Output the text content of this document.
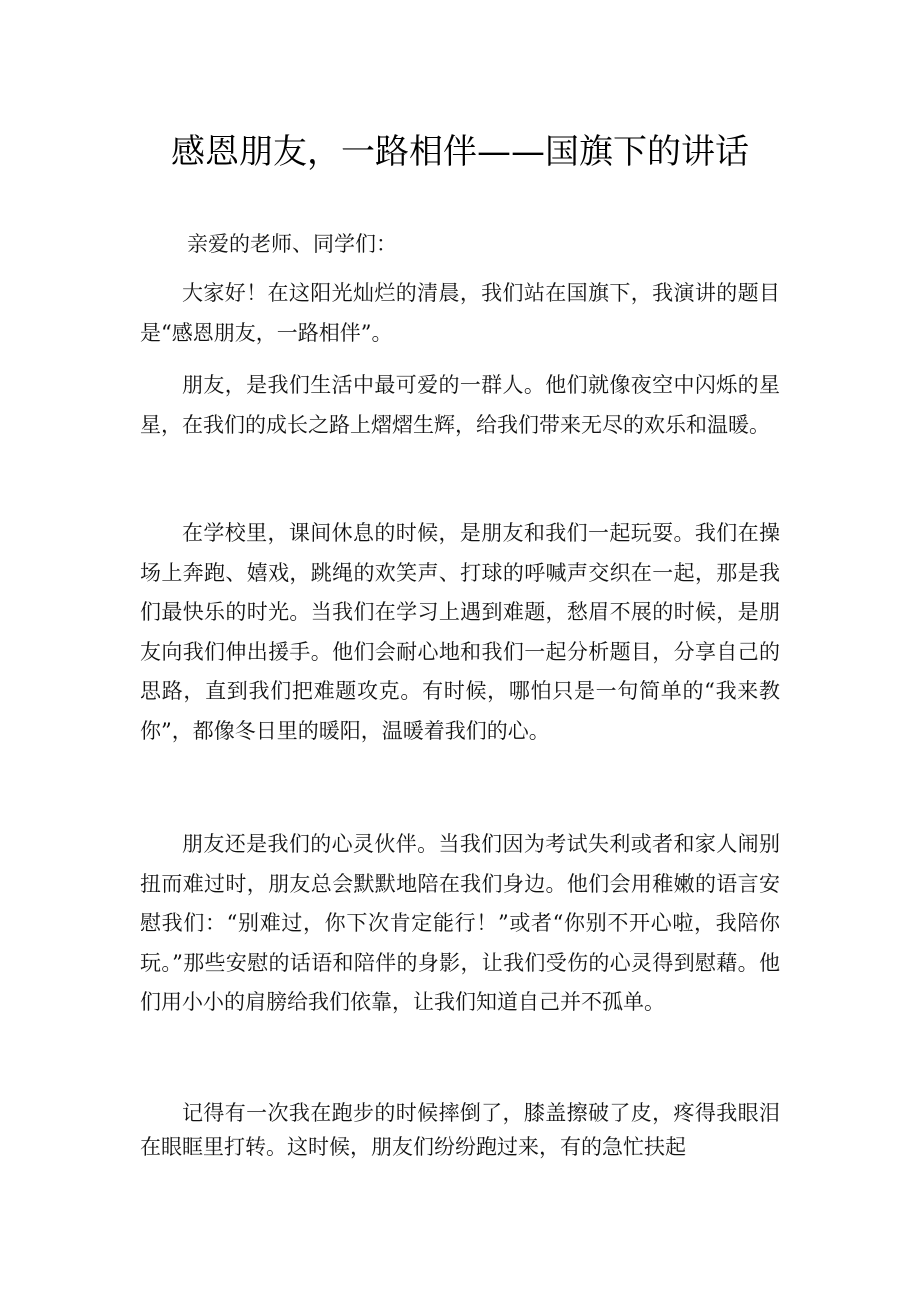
感恩朋友，一路相伴——国旗下的讲话

亲爱的老师、同学们：

大家好！在这阳光灿烂的清晨，我们站在国旗下，我演讲的题目是“感恩朋友，一路相伴”。

朋友，是我们生活中最可爱的一群人。他们就像夜空中闪烁的星星，在我们的成长之路上熠熠生辉，给我们带来无尽的欢乐和温暖。

在学校里，课间休息的时候，是朋友和我们一起玩耍。我们在操场上奔跑、嬉戏，跳绳的欢笑声、打球的呼喊声交织在一起，那是我们最快乐的时光。当我们在学习上遇到难题，愁眉不展的时候，是朋友向我们伸出援手。他们会耐心地和我们一起分析题目，分享自己的思路，直到我们把难题攻克。有时候，哪怕只是一句简单的“我来教你”，都像冬日里的暖阳，温暖着我们的心。

朋友还是我们的心灵伙伴。当我们因为考试失利或者和家人闹别扭而难过时，朋友总会默默地陪在我们身边。他们会用稚嫩的语言安慰我们：“别难过，你下次肯定能行！”或者“你别不开心啦，我陪你玩。”那些安慰的话语和陪伴的身影，让我们受伤的心灵得到慰藉。他们用小小的肩膀给我们依靠，让我们知道自己并不孤单。

记得有一次我在跑步的时候摔倒了，膝盖擦破了皮，疼得我眼泪在眼眶里打转。这时候，朋友们纷纷跑过来，有的急忙扶起
